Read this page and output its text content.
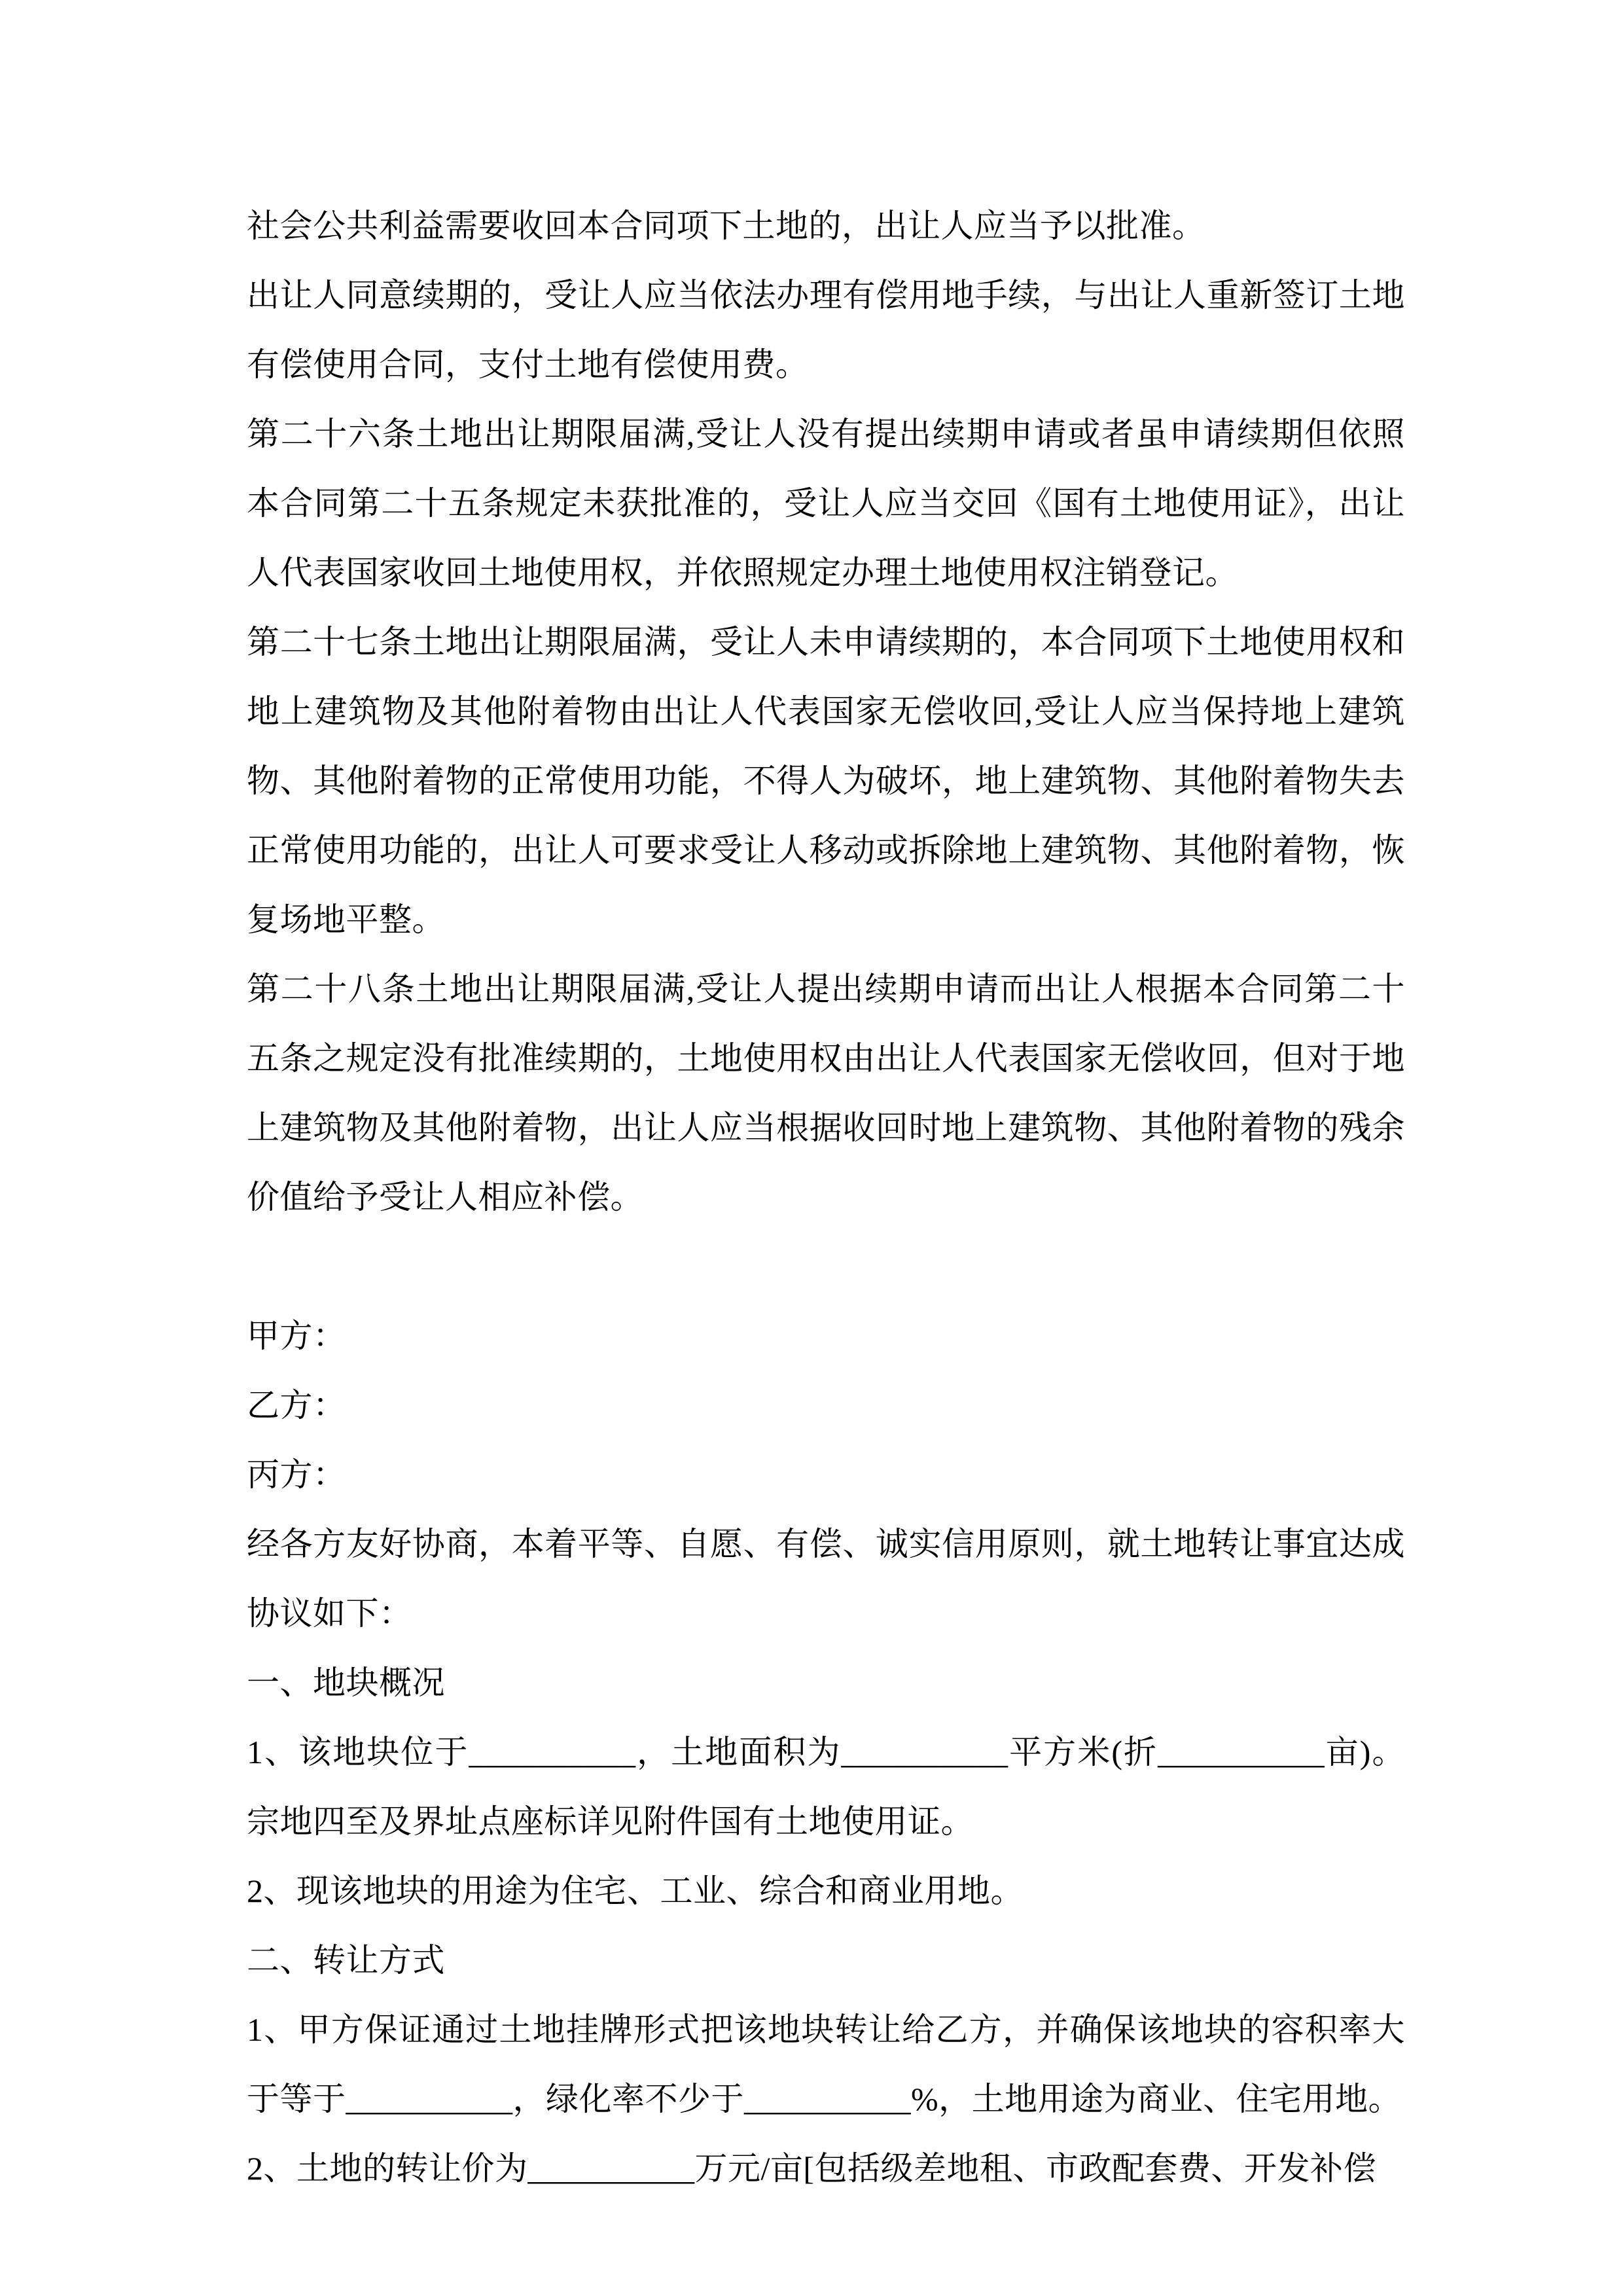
社会公共利益需要收回本合同项下土地的，出让人应当予以批准。

出让人同意续期的，受让人应当依法办理有偿用地手续，与出让人重新签订土地有偿使用合同，支付土地有偿使用费。

第二十六条土地出让期限届满,受让人没有提出续期申请或者虽申请续期但依照本合同第二十五条规定未获批准的，受让人应当交回《国有土地使用证》，出让人代表国家收回土地使用权，并依照规定办理土地使用权注销登记。

第二十七条土地出让期限届满，受让人未申请续期的，本合同项下土地使用权和地上建筑物及其他附着物由出让人代表国家无偿收回,受让人应当保持地上建筑物、其他附着物的正常使用功能，不得人为破坏，地上建筑物、其他附着物失去正常使用功能的，出让人可要求受让人移动或拆除地上建筑物、其他附着物，恢复场地平整。

第二十八条土地出让期限届满,受让人提出续期申请而出让人根据本合同第二十五条之规定没有批准续期的，土地使用权由出让人代表国家无偿收回，但对于地上建筑物及其他附着物，出让人应当根据收回时地上建筑物、其他附着物的残余价值给予受让人相应补偿。

甲方：

乙方：

丙方：

经各方友好协商，本着平等、自愿、有偿、诚实信用原则，就土地转让事宜达成协议如下：

一、地块概况

1、该地块位于__________，土地面积为__________平方米(折__________亩)。宗地四至及界址点座标详见附件国有土地使用证。

2、现该地块的用途为住宅、工业、综合和商业用地。

二、转让方式

1、甲方保证通过土地挂牌形式把该地块转让给乙方，并确保该地块的容积率大于等于__________，绿化率不少于__________%，土地用途为商业、住宅用地。

2、土地的转让价为__________万元/亩[包括级差地租、市政配套费、开发补偿
